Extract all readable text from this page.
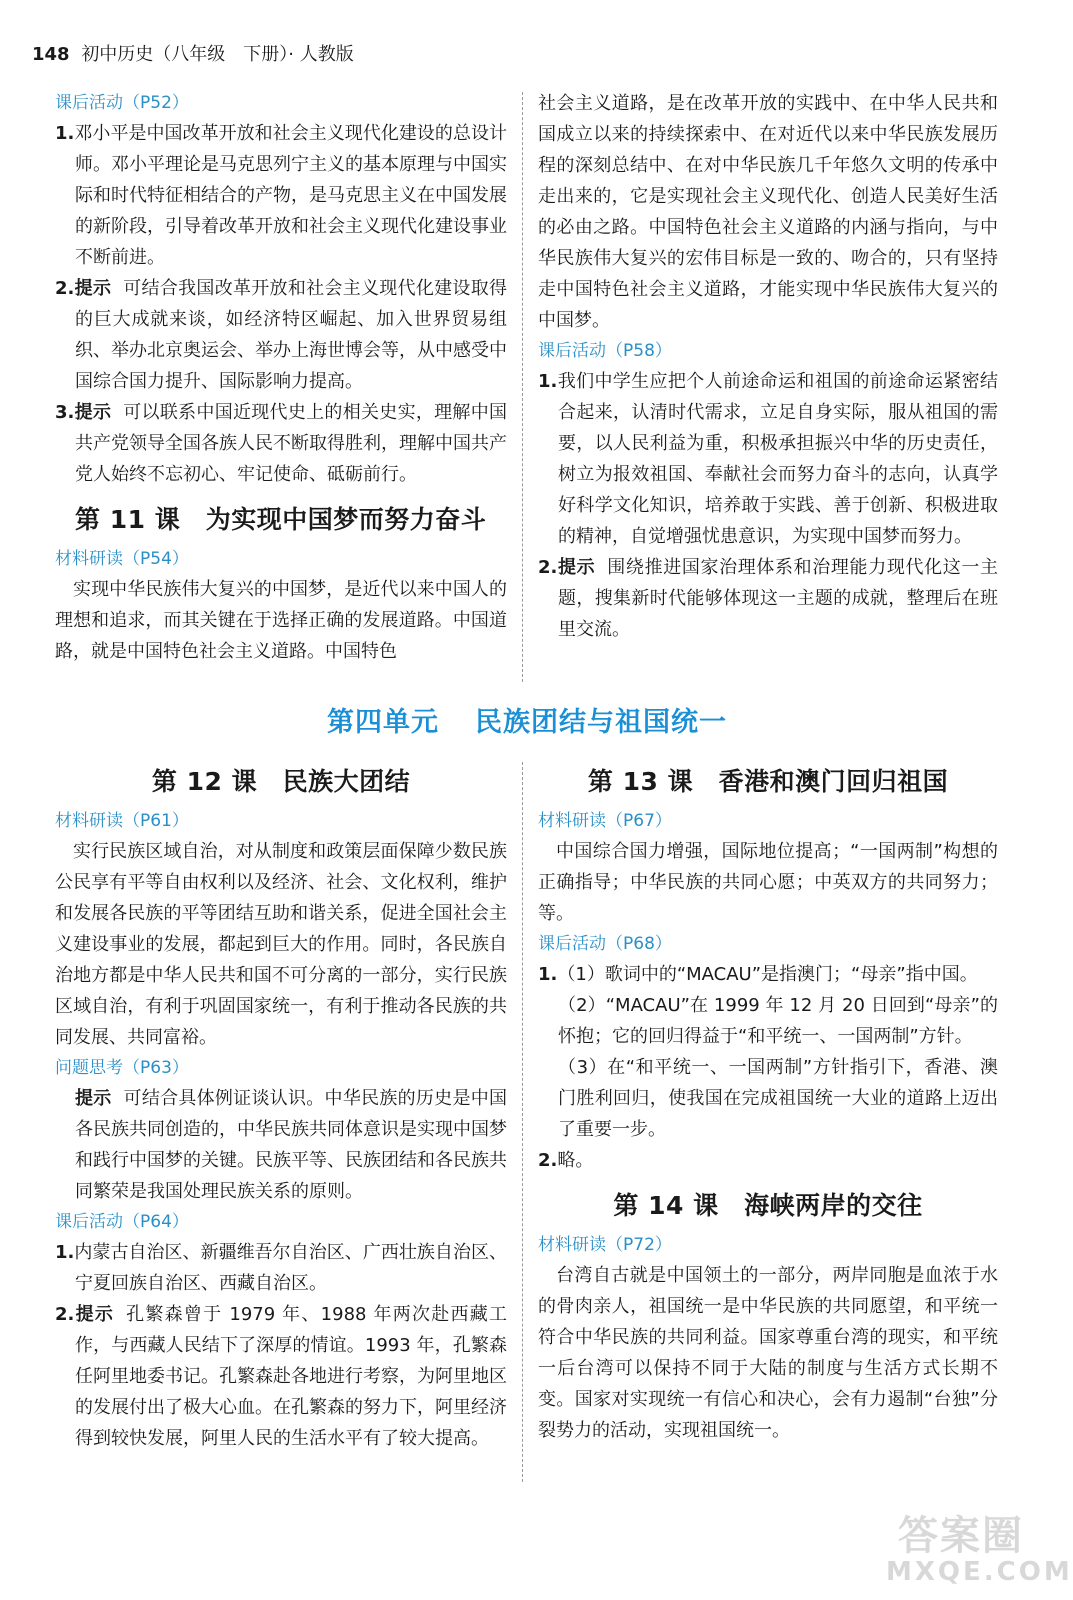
148 初中历史（八年级　下册）· 人教版
课后活动（P52）

1.邓小平是中国改革开放和社会主义现代化建设的总设计师。邓小平理论是马克思列宁主义的基本原理与中国实际和时代特征相结合的产物，是马克思主义在中国发展的新阶段，引导着改革开放和社会主义现代化建设事业不断前进。

2.提示 可结合我国改革开放和社会主义现代化建设取得的巨大成就来谈，如经济特区崛起、加入世界贸易组织、举办北京奥运会、举办上海世博会等，从中感受中国综合国力提升、国际影响力提高。

3.提示 可以联系中国近现代史上的相关史实，理解中国共产党领导全国各族人民不断取得胜利，理解中国共产党人始终不忘初心、牢记使命、砥砺前行。

第 11 课　为实现中国梦而努力奋斗
材料研读（P54）

实现中华民族伟大复兴的中国梦，是近代以来中国人的理想和追求，而其关键在于选择正确的发展道路。中国道路，就是中国特色社会主义道路。中国特色

社会主义道路，是在改革开放的实践中、在中华人民共和国成立以来的持续探索中、在对近代以来中华民族发展历程的深刻总结中、在对中华民族几千年悠久文明的传承中走出来的，它是实现社会主义现代化、创造人民美好生活的必由之路。中国特色社会主义道路的内涵与指向，与中华民族伟大复兴的宏伟目标是一致的、吻合的，只有坚持走中国特色社会主义道路，才能实现中华民族伟大复兴的中国梦。

课后活动（P58）

1.我们中学生应把个人前途命运和祖国的前途命运紧密结合起来，认清时代需求，立足自身实际，服从祖国的需要，以人民利益为重，积极承担振兴中华的历史责任，树立为报效祖国、奉献社会而努力奋斗的志向，认真学好科学文化知识，培养敢于实践、善于创新、积极进取的精神，自觉增强忧患意识，为实现中国梦而努力。

2.提示 围绕推进国家治理体系和治理能力现代化这一主题，搜集新时代能够体现这一主题的成就，整理后在班里交流。

第四单元 民族团结与祖国统一
第 12 课　民族大团结
材料研读（P61）

实行民族区域自治，对从制度和政策层面保障少数民族公民享有平等自由权利以及经济、社会、文化权利，维护和发展各民族的平等团结互助和谐关系，促进全国社会主义建设事业的发展，都起到巨大的作用。同时，各民族自治地方都是中华人民共和国不可分离的一部分，实行民族区域自治，有利于巩固国家统一，有利于推动各民族的共同发展、共同富裕。

问题思考（P63）

提示 可结合具体例证谈认识。中华民族的历史是中国各民族共同创造的，中华民族共同体意识是实现中国梦和践行中国梦的关键。民族平等、民族团结和各民族共同繁荣是我国处理民族关系的原则。

课后活动（P64）

1.内蒙古自治区、新疆维吾尔自治区、广西壮族自治区、宁夏回族自治区、西藏自治区。

2.提示 孔繁森曾于 1979 年、1988 年两次赴西藏工作，与西藏人民结下了深厚的情谊。1993 年，孔繁森任阿里地委书记。孔繁森赴各地进行考察，为阿里地区的发展付出了极大心血。在孔繁森的努力下，阿里经济得到较快发展，阿里人民的生活水平有了较大提高。

第 13 课　香港和澳门回归祖国
材料研读（P67）

中国综合国力增强，国际地位提高；“一国两制”构想的正确指导；中华民族的共同心愿；中英双方的共同努力；等。

课后活动（P68）

1.（1）歌词中的“MACAU”是指澳门；“母亲”指中国。

（2）“MACAU”在 1999 年 12 月 20 日回到“母亲”的怀抱；它的回归得益于“和平统一、一国两制”方针。

（3）在“和平统一、一国两制”方针指引下，香港、澳门胜利回归，使我国在完成祖国统一大业的道路上迈出了重要一步。

2.略。

第 14 课　海峡两岸的交往
材料研读（P72）

台湾自古就是中国领土的一部分，两岸同胞是血浓于水的骨肉亲人，祖国统一是中华民族的共同愿望，和平统一符合中华民族的共同利益。国家尊重台湾的现实，和平统一后台湾可以保持不同于大陆的制度与生活方式长期不变。国家对实现统一有信心和决心，会有力遏制“台独”分裂势力的活动，实现祖国统一。

答案圈
MXQE.COM
